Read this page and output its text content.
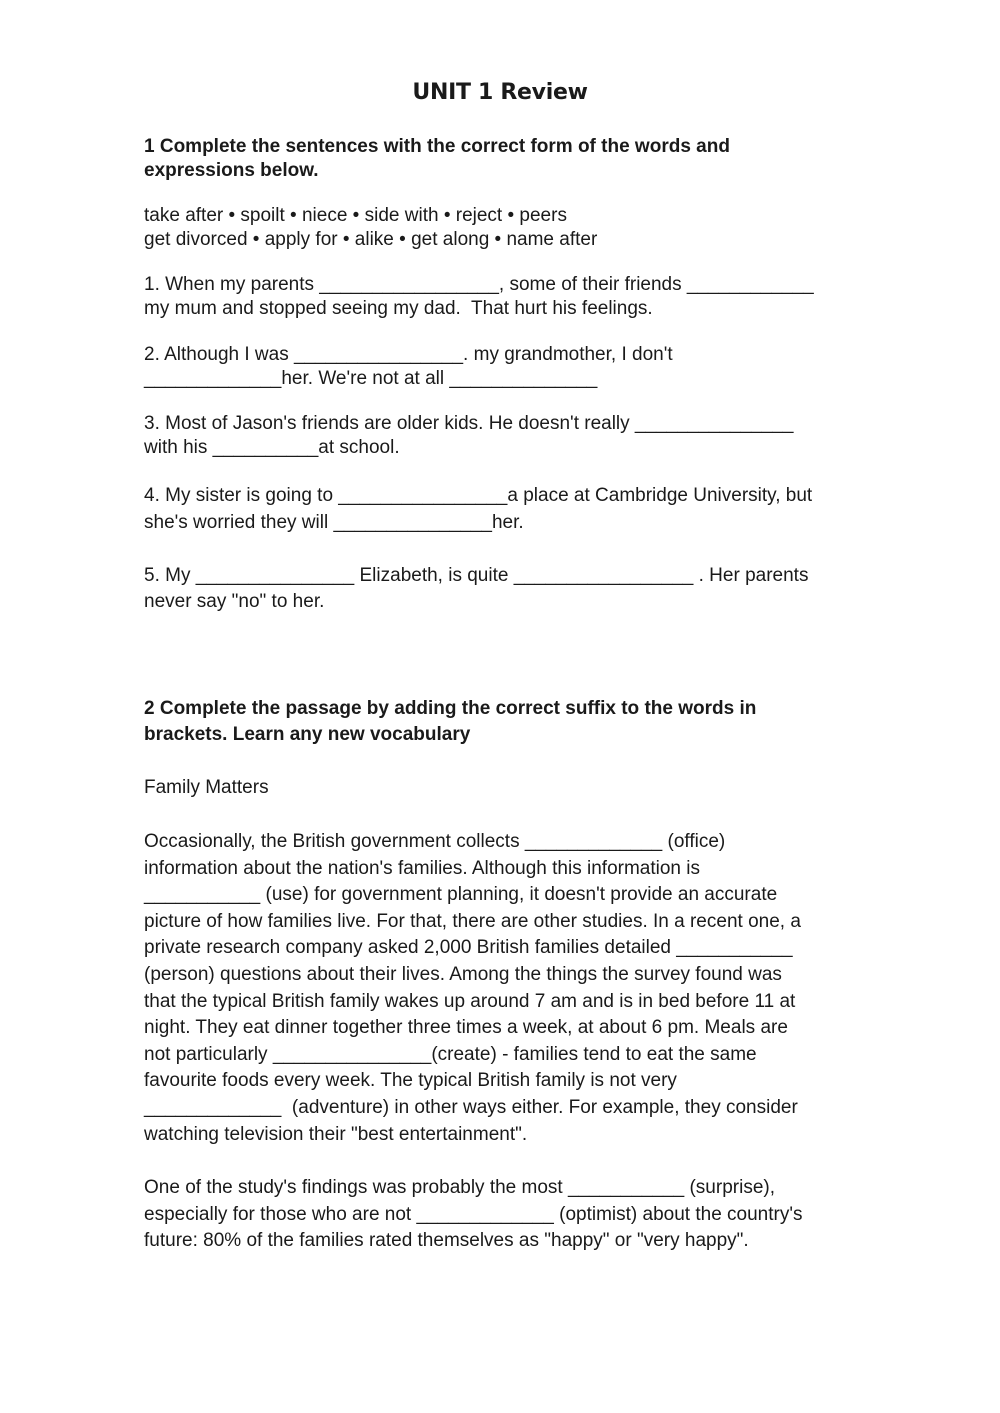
UNIT 1 Review
1 Complete the sentences with the correct form of the words and
expressions below.
take after • spoilt • niece • side with • reject • peers
get divorced • apply for • alike • get along • name after
1. When my parents _________________, some of their friends ____________
my mum and stopped seeing my dad.  That hurt his feelings.
2. Although I was ________________. my grandmother, I don't
_____________her. We're not at all ______________
3. Most of Jason's friends are older kids. He doesn't really _______________
with his __________at school.
4. My sister is going to ________________a place at Cambridge University, but
she's worried they will _______________her.
5. My _______________ Elizabeth, is quite _________________ . Her parents
never say "no" to her.
2 Complete the passage by adding the correct suffix to the words in
brackets. Learn any new vocabulary
Family Matters
Occasionally, the British government collects _____________ (office)
information about the nation's families. Although this information is
___________ (use) for government planning, it doesn't provide an accurate
picture of how families live. For that, there are other studies. In a recent one, a
private research company asked 2,000 British families detailed ___________
(person) questions about their lives. Among the things the survey found was
that the typical British family wakes up around 7 am and is in bed before 11 at
night. They eat dinner together three times a week, at about 6 pm. Meals are
not particularly _______________(create) - families tend to eat the same
favourite foods every week. The typical British family is not very
_____________  (adventure) in other ways either. For example, they consider
watching television their "best entertainment".
One of the study's findings was probably the most ___________ (surprise),
especially for those who are not _____________ (optimist) about the country's
future: 80% of the families rated themselves as "happy" or "very happy".
